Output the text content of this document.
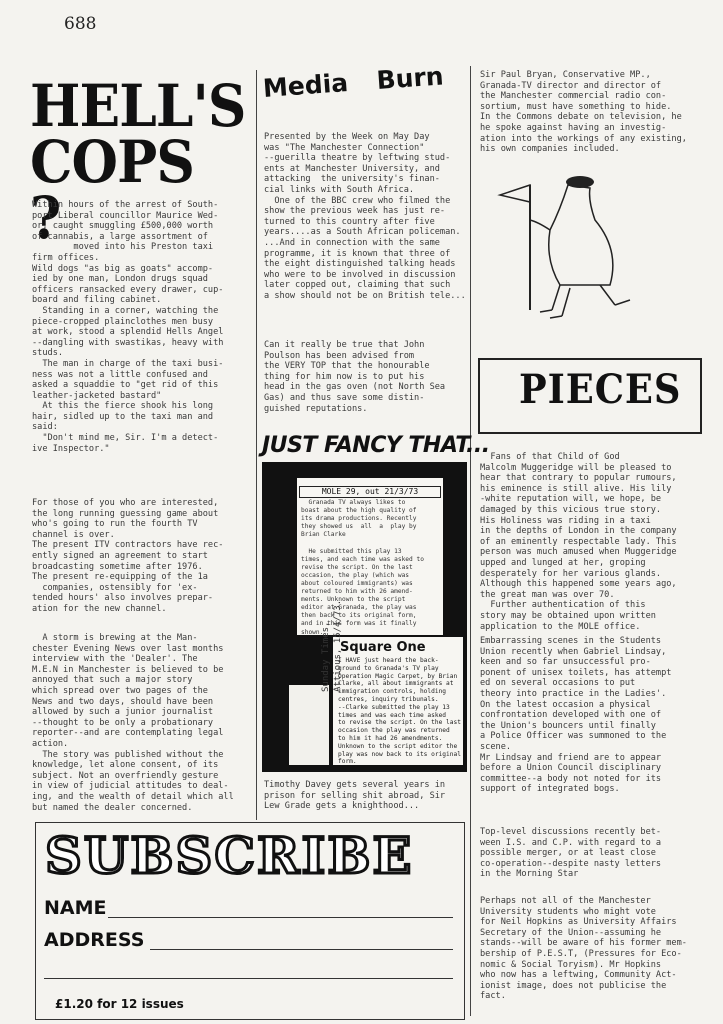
688
HELL'S COPS ?
Within hours of the arrest of South-
port Liberal councillor Maurice Wed-
or, caught smuggling £500,000 worth
of cannabis, a large assortment of
moved into his Preston taxi
firm offices.
Wild dogs "as big as goats" accomp-
ied by one man, London drugs squad
officers ransacked every drawer, cup-
board and filing cabinet.
Standing in a corner, watching the
piece-cropped plainclothes men busy
at work, stood a splendid Hells Angel
--dangling with swastikas, heavy with
studs.
The man in charge of the taxi busi-
ness was not a little confused and
asked a squaddie to "get rid of this
leather-jacketed bastard"
At this the fierce shook his long
hair, sidled up to the taxi man and
said:
"Don't mind me, Sir. I'm a detect-
ive Inspector."
For those of you who are interested,
the long running guessing game about
who's going to run the fourth TV
channel is over.
The present ITV contractors have rec-
ently signed an agreement to start
broadcasting sometime after 1976.
The present re-equipping of the 1a
companies, ostensibly for 'ex-
tended hours' also involves prepar-
ation for the new channel.
A storm is brewing at the Man-
chester Evening News over last months
interview with the 'Dealer'. The
M.E.N in Manchester is believed to be
annoyed that such a major story
which spread over two pages of the
News and two days, should have been
allowed by such a junior journalist
--thought to be only a probationary
reporter--and are contemplating legal
action.
The story was published without the
knowledge, let alone consent, of its
subject. Not an overfriendly gesture
in view of judicial attitudes to deal-
ing, and the wealth of detail which all
but named the dealer concerned.
Media Burn
Presented by the Week on May Day
was "The Manchester Connection"
--guerilla theatre by leftwing stud-
ents at Manchester University, and
attacking  the university's finan-
cial links with South Africa.
One of the BBC crew who filmed the
show the previous week has just re-
turned to this country after five
years....as a South African policeman.
...And in connection with the same
programme, it is known that three of
the eight distinguished talking heads
who were to be involved in discussion
later copped out, claiming that such
a show should not be on British tele...
Can it really be true that John
Poulson has been advised from
the VERY TOP that the honourable
thing for him now is to put his
head in the gas oven (not North Sea
Gas) and thus save some distin-
guished reputations.
JUST FANCY THAT...
MOLE 29, out 21/3/73
Granada TV always likes to
boast about the high quality of
its drama productions. Recently
they showed us  all  a  play by
Brian Clarke

He submitted this play 13
times, and each time was asked to
revise the script. On the last
occasion, the play (which was
about coloured immigrants) was
returned to him with 26 amend-
ments. Unknown to the script
editor at Granada, the play was
then back to its original form,
and in this form was it finally
shown.
Square One
I HAVE just heard the back-
ground to Granada's TV play
Operation Magic Carpet, by Brian
Clarke, all about immigrants at
immigration controls, holding
centres, inquiry tribunals.
--Clarke submitted the play 13
times and was each time asked
to revise the script. On the last
occasion the play was returned
to him it had 26 amendments.
Unknown to the script editor the
play was now back to its original
form.
Sunday Times,
Attious, 15/4/73.
Timothy Davey gets several years in
prison for selling shit abroad, Sir
Lew Grade gets a knighthood...
Sir Paul Bryan, Conservative MP.,
Granada-TV director and director of
the Manchester commercial radio con-
sortium, must have something to hide.
In the Commons debate on television, he
he spoke against having an investig-
ation into the workings of any existing,
his own companies included.
PIECES
Fans of that Child of God
Malcolm Muggeridge will be pleased to
hear that contrary to popular rumours,
his eminence is still alive. His lily
-white reputation will, we hope, be
damaged by this vicious true story.
His Holiness was riding in a taxi
in the depths of London in the company
of an eminently respectable lady. This
person was much amused when Muggeridge
upped and lunged at her, groping
desperately for her various glands.
Although this happened some years ago,
the great man was over 70.
Further authentication of this
story may be obtained upon written
application to the MOLE office.
Embarrassing scenes in the Students
Union recently when Gabriel Lindsay,
keen and so far unsuccessful pro-
ponent of unisex toilets, has attempt
ed on several occasions to put
theory into practice in the Ladies'.
On the latest occasion a physical
confrontation developed with one of
the Union's bouncers until finally
a Police Officer was summoned to the
scene.
Mr Lindsay and friend are to appear
before a Union Council disciplinary
committee--a body not noted for its
support of integrated bogs.
Top-level discussions recently bet-
ween I.S. and C.P. with regard to a
possible merger, or at least close
co-operation--despite nasty letters
in the Morning Star
Perhaps not all of the Manchester
University students who might vote
for Neil Hopkins as University Affairs
Secretary of the Union--assuming he
stands--will be aware of his former mem-
bership of P.E.S.T, (Pressures for Eco-
nomic & Social Toryism). Mr Hopkins
who now has a leftwing, Community Act-
ionist image, does not publicise the
fact.
SUBSCRIBE
NAME
ADDRESS
£1.20 for 12 issues
